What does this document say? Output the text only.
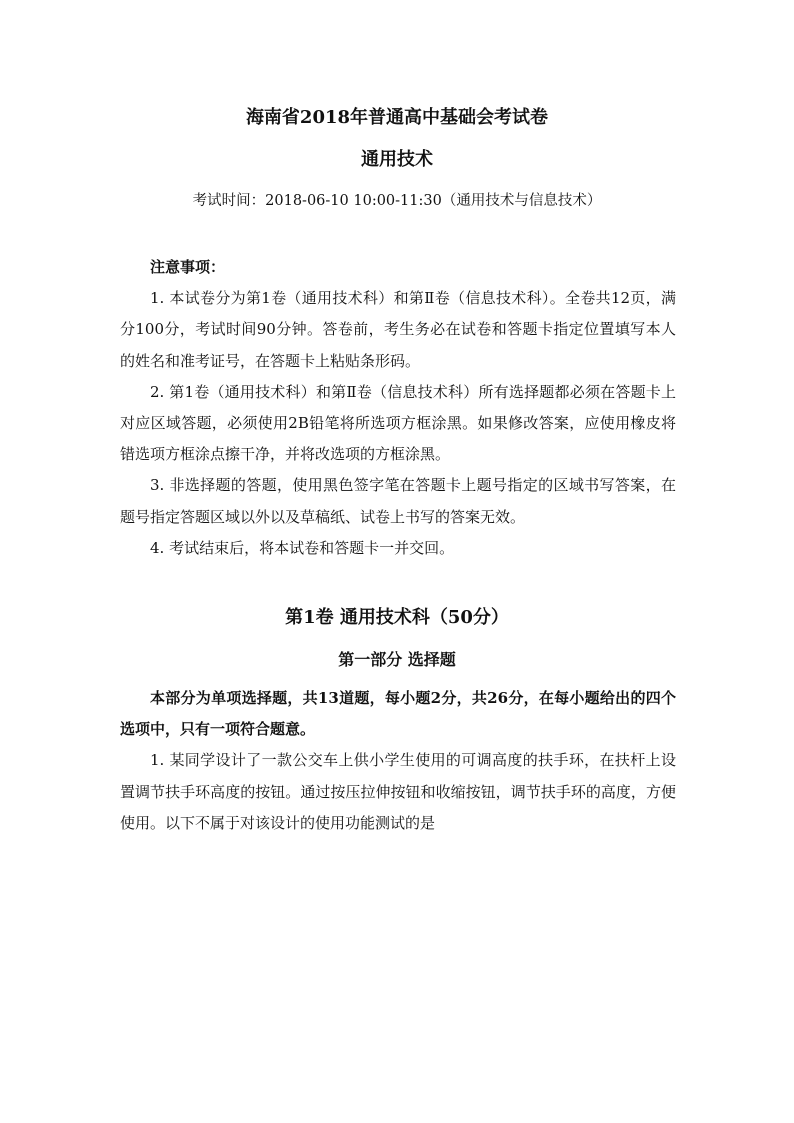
海南省2018年普通高中基础会考试卷
通用技术
考试时间：2018-06-10 10:00-11:30（通用技术与信息技术）
注意事项：

1. 本试卷分为第1卷（通用技术科）和第Ⅱ卷（信息技术科）。全卷共12页，满分100分，考试时间90分钟。答卷前，考生务必在试卷和答题卡指定位置填写本人的姓名和准考证号，在答题卡上粘贴条形码。

2. 第1卷（通用技术科）和第Ⅱ卷（信息技术科）所有选择题都必须在答题卡上对应区域答题，必须使用2B铅笔将所选项方框涂黑。如果修改答案，应使用橡皮将错选项方框涂点擦干净，并将改选项的方框涂黑。

3. 非选择题的答题，使用黑色签字笔在答题卡上题号指定的区域书写答案，在题号指定答题区域以外以及草稿纸、试卷上书写的答案无效。

4. 考试结束后，将本试卷和答题卡一并交回。

第1卷 通用技术科（50分）
第一部分 选择题

本部分为单项选择题，共13道题，每小题2分，共26分，在每小题给出的四个选项中，只有一项符合题意。

1. 某同学设计了一款公交车上供小学生使用的可调高度的扶手环，在扶杆上设置调节扶手环高度的按钮。通过按压拉伸按钮和收缩按钮，调节扶手环的高度，方便使用。以下不属于对该设计的使用功能测试的是
